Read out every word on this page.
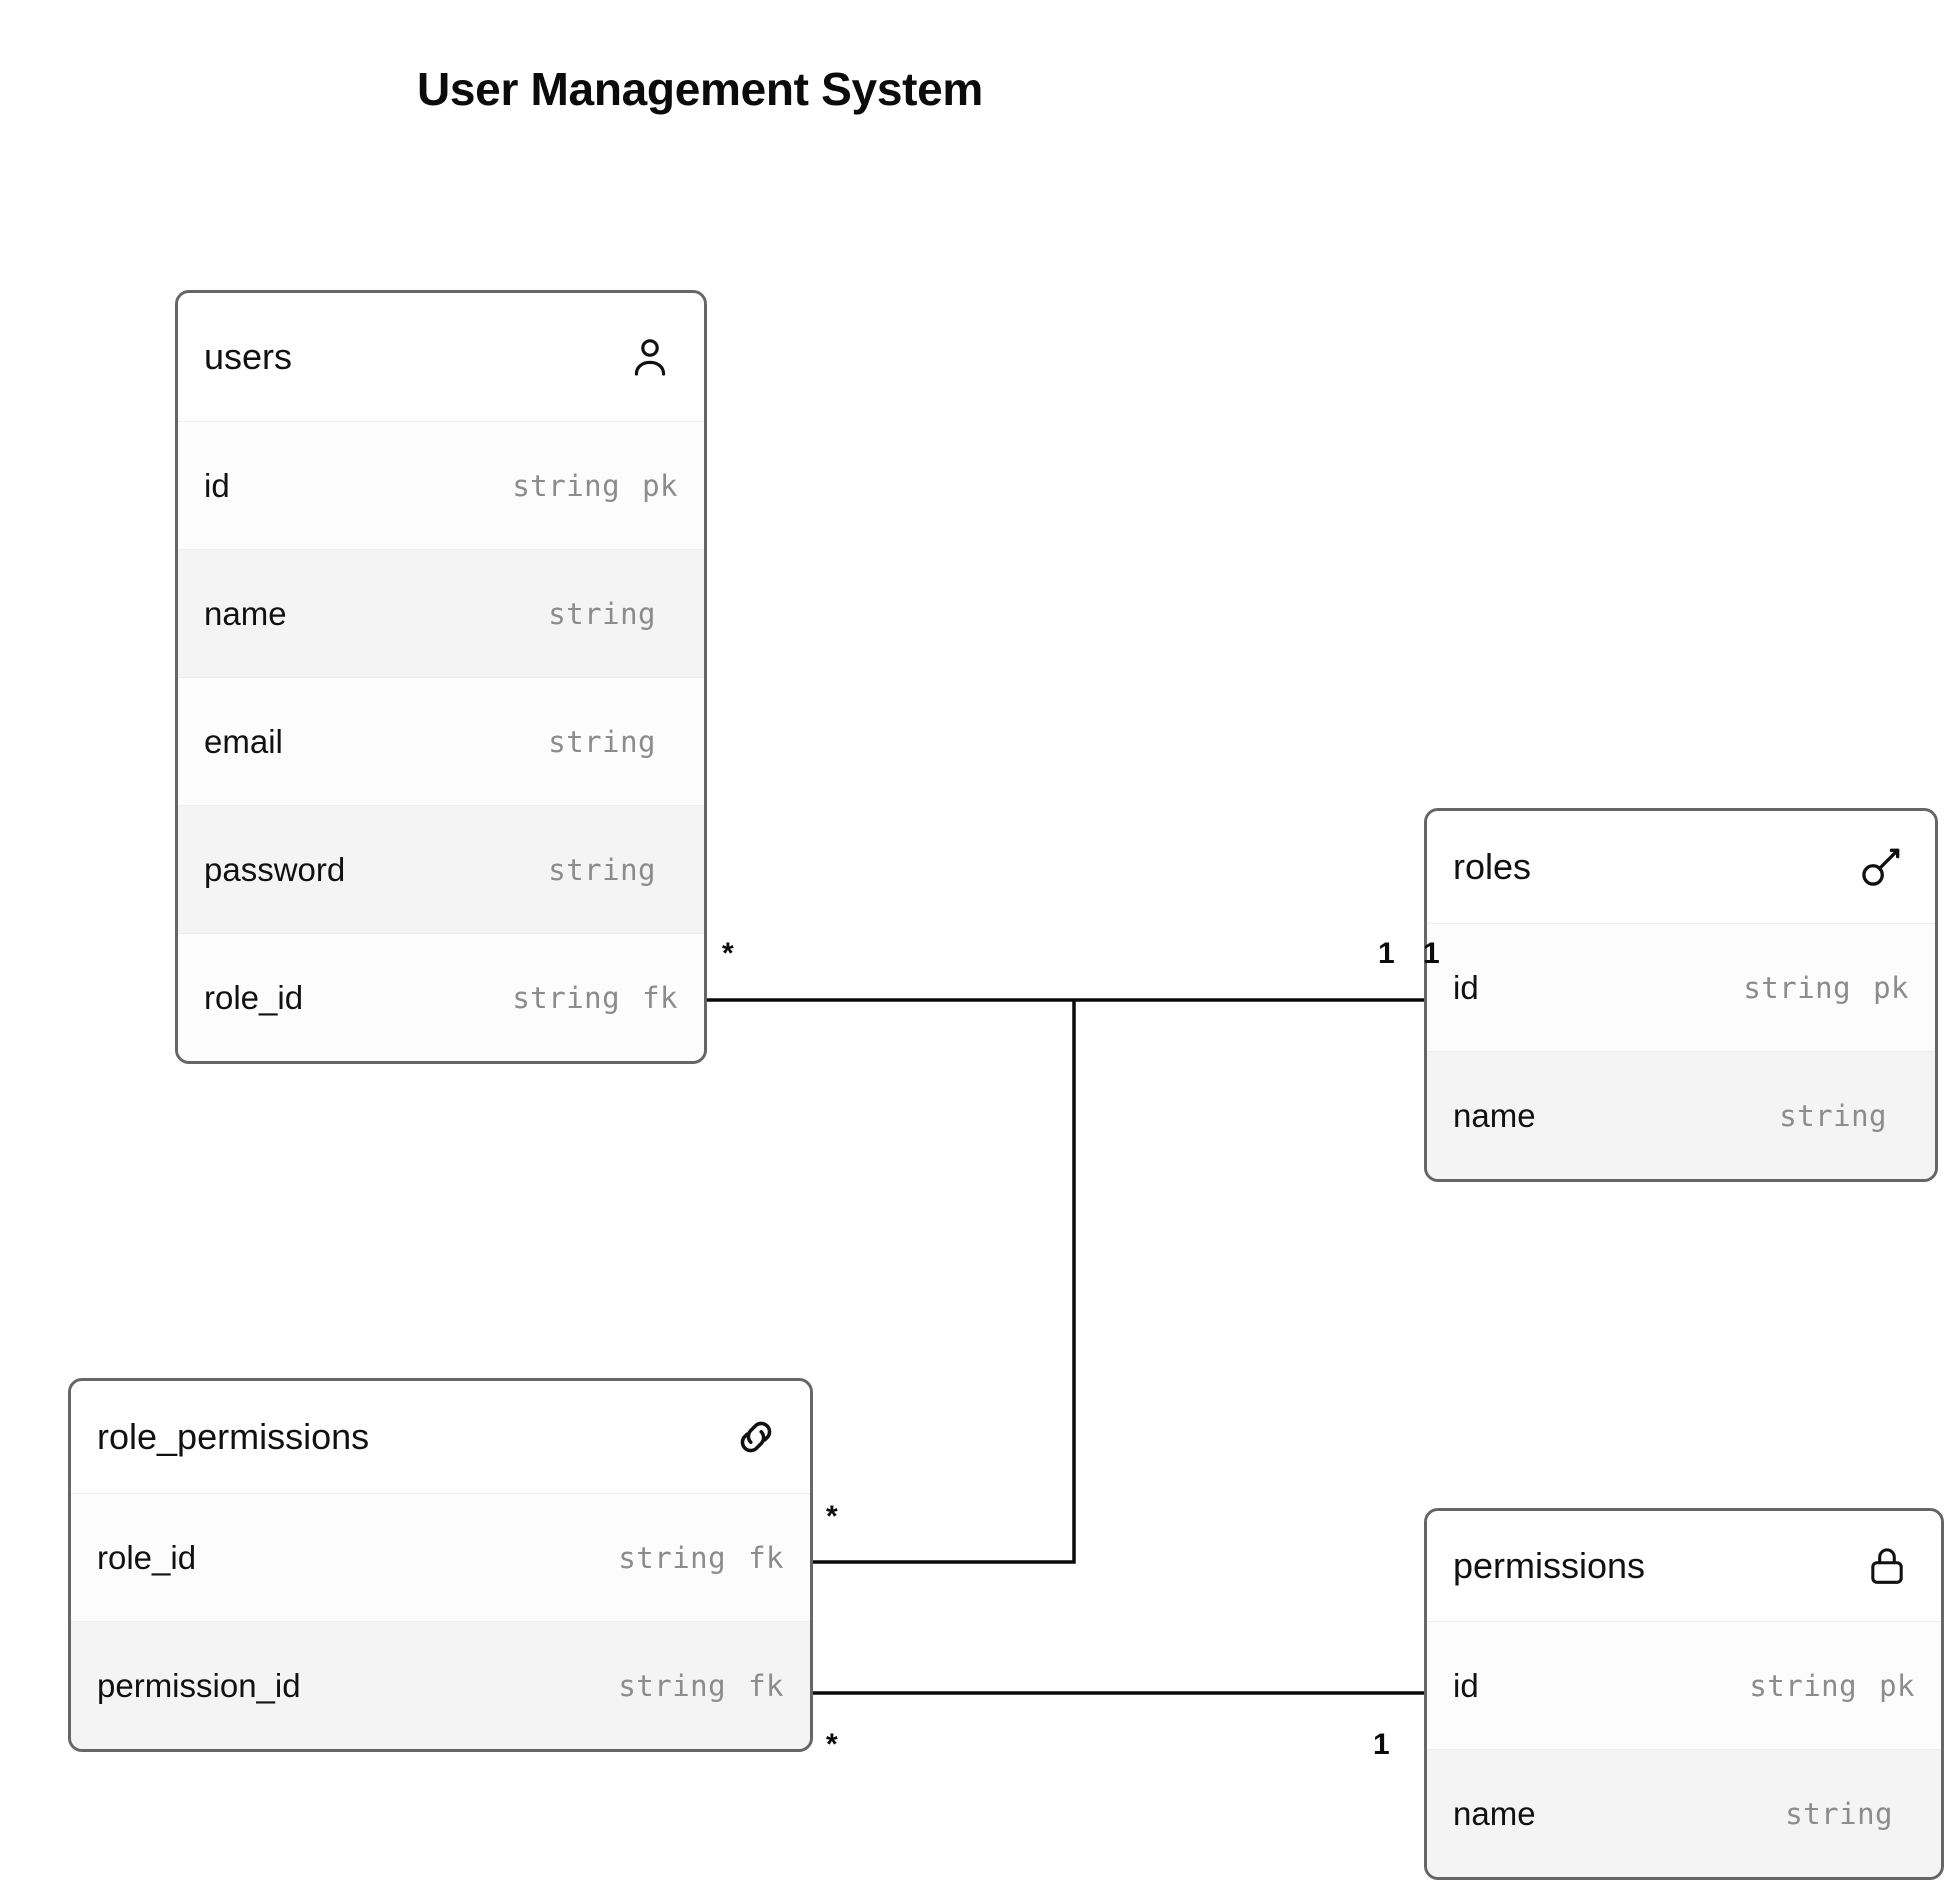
User Management System
users
id	string pk
name	string
email	string
password	string
role_id	string fk
roles
id	string pk
name	string
role_permissions
role_id	string fk
permission_id	string fk
permissions
id	string pk
name	string
*	1 1
*
*	1
